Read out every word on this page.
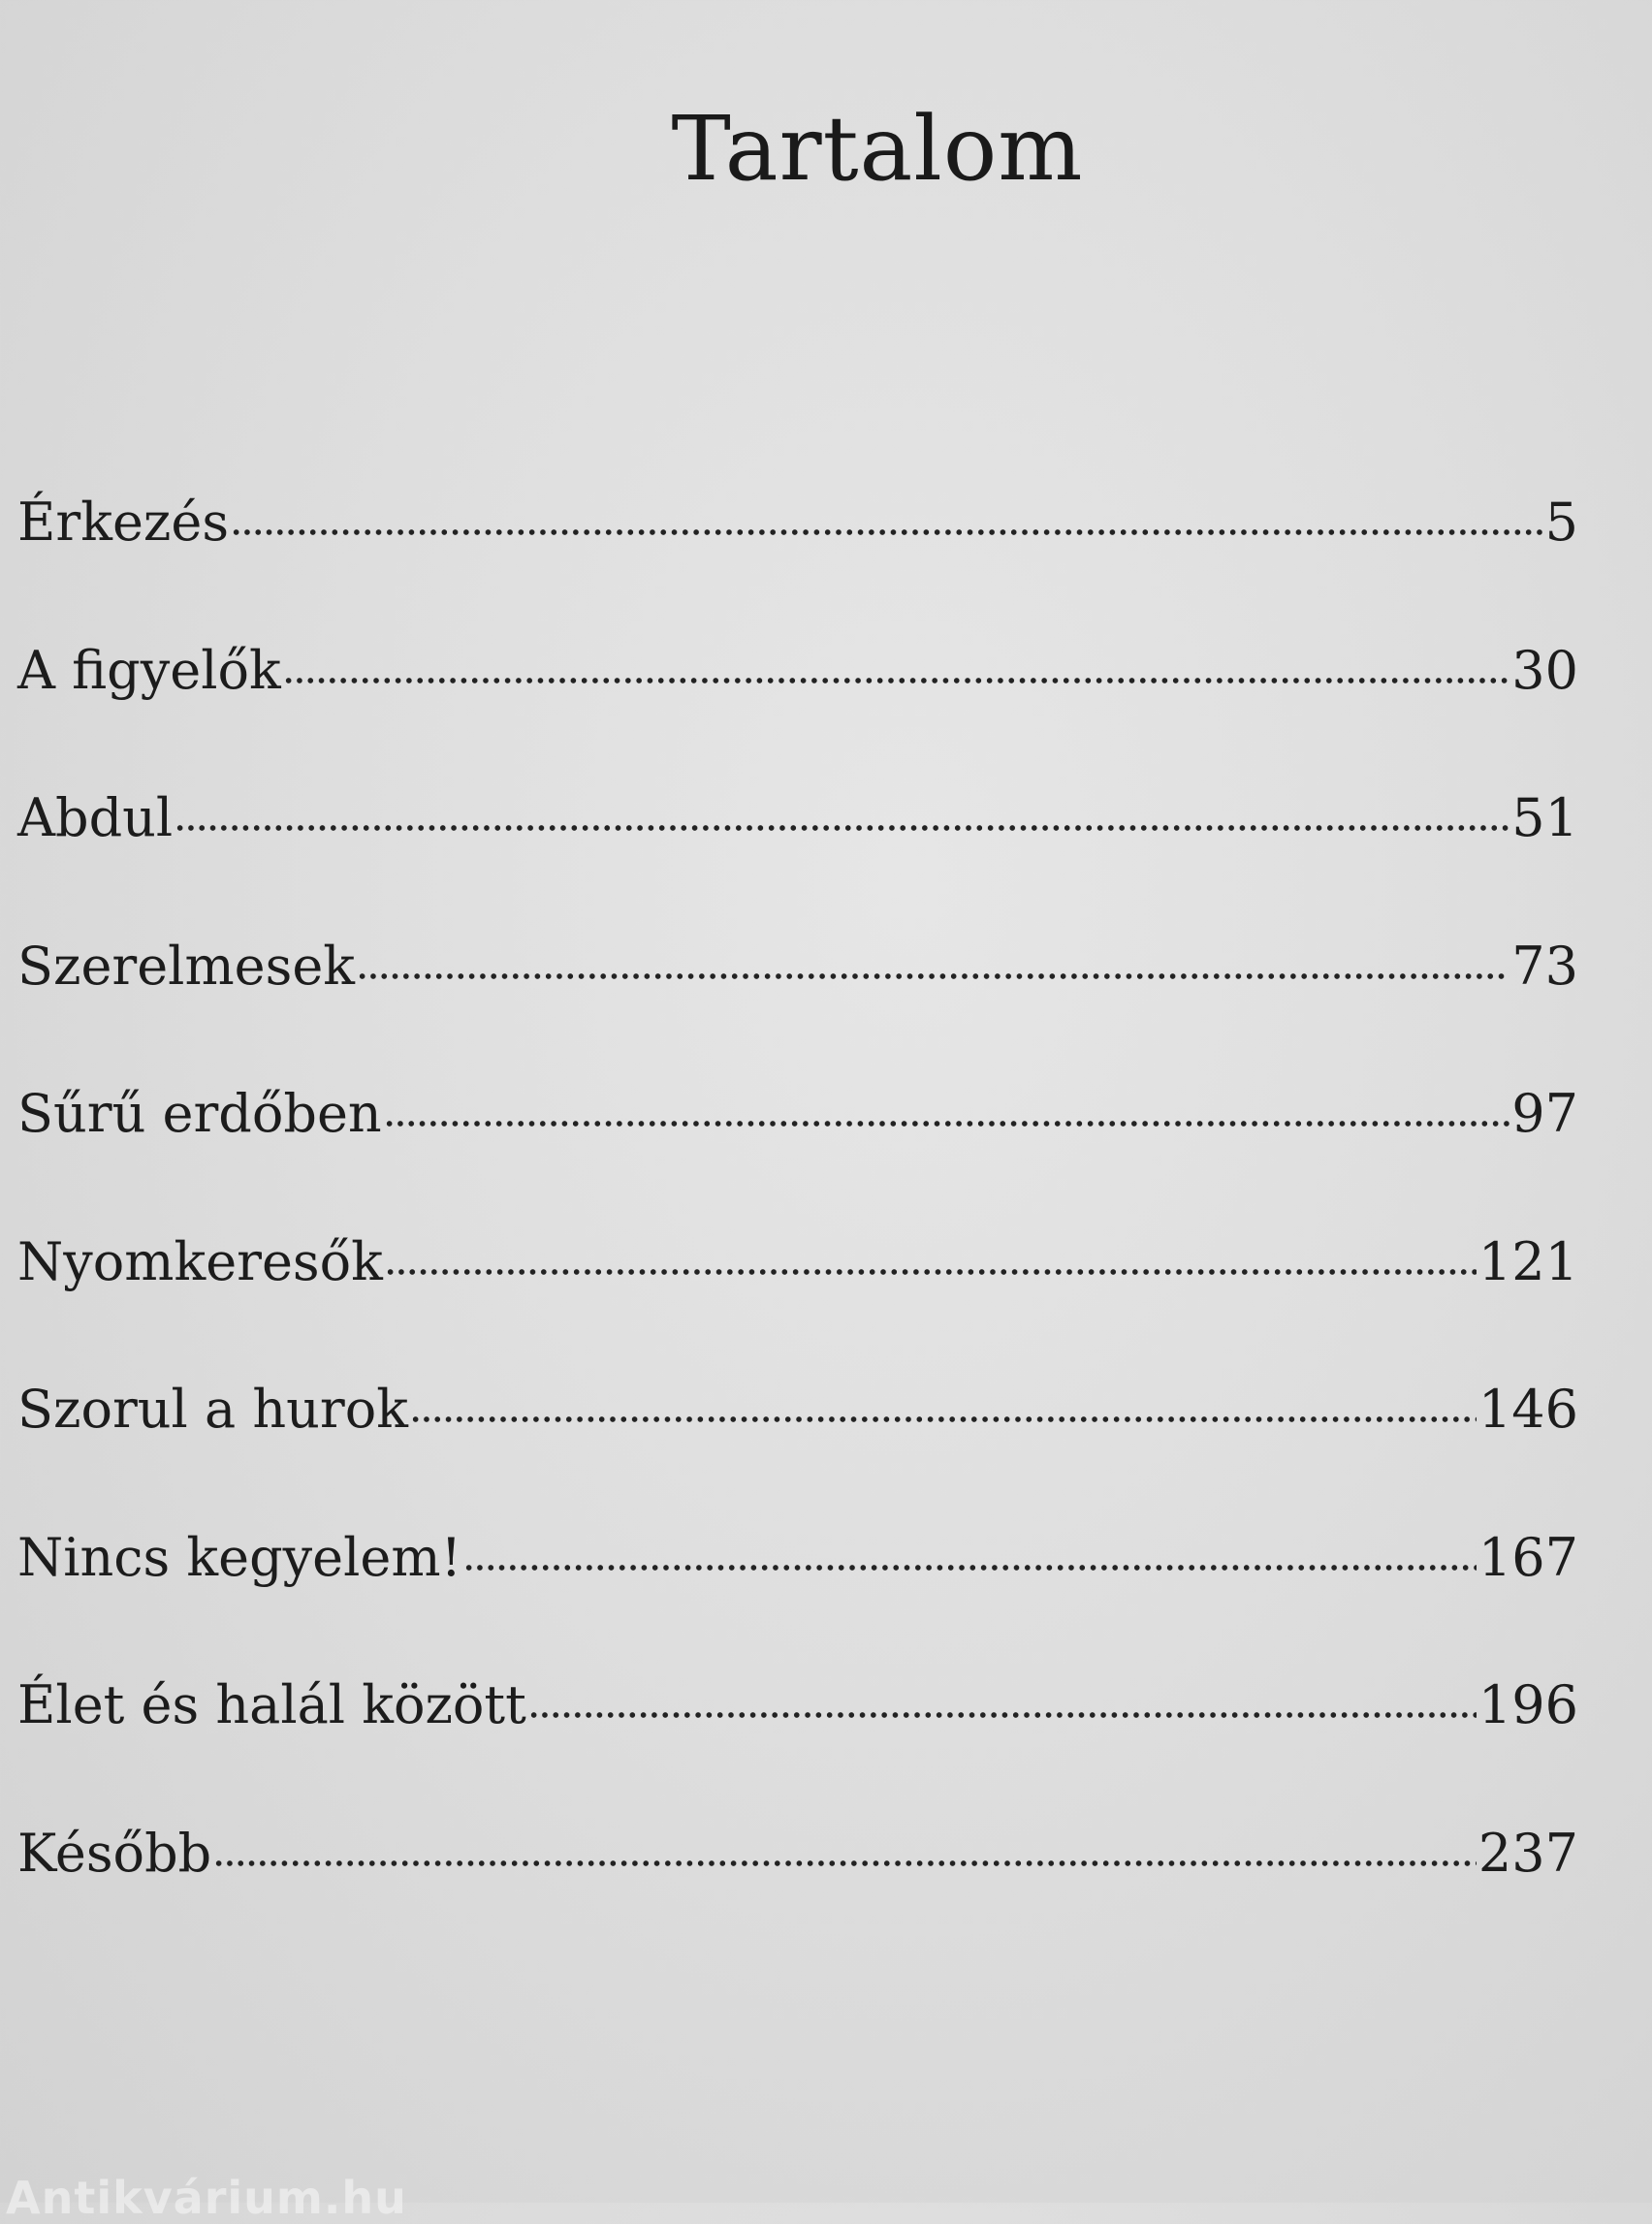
Tartalom
Érkezés	5
A figyelők	30
Abdul	51
Szerelmesek	73
Sűrű erdőben	97
Nyomkeresők	121
Szorul a hurok	146
Nincs kegyelem!	167
Élet és halál között	196
Később	237
Antikvárium.hu
